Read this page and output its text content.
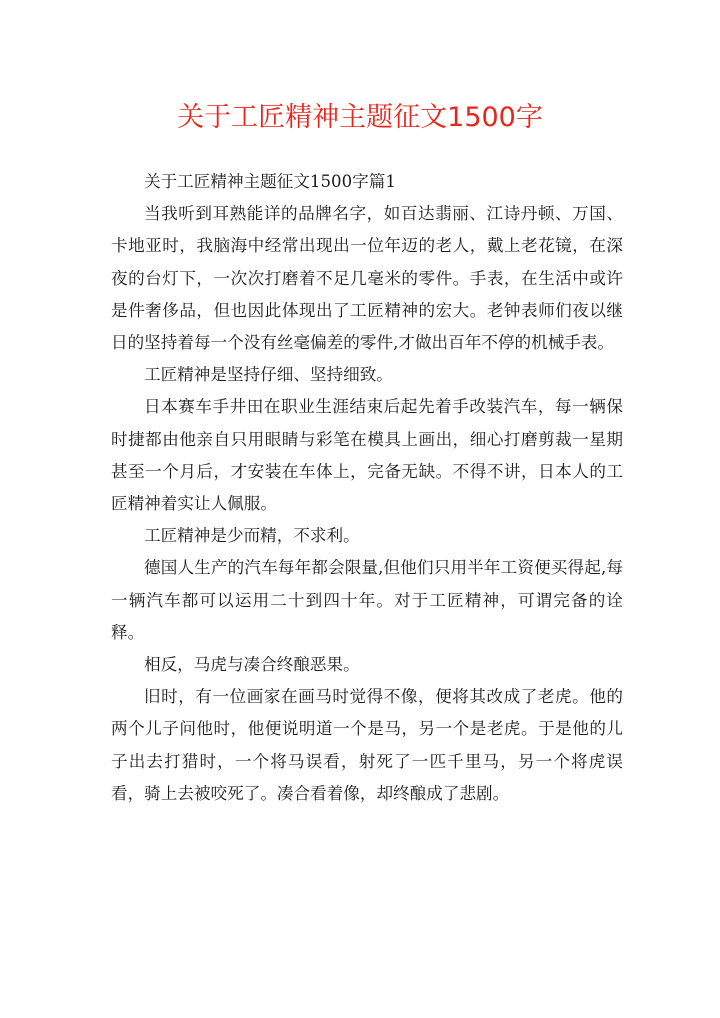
关于工匠精神主题征文1500字

关于工匠精神主题征文1500字篇1

当我听到耳熟能详的品牌名字，如百达翡丽、江诗丹顿、万国、卡地亚时，我脑海中经常出现出一位年迈的老人，戴上老花镜，在深夜的台灯下，一次次打磨着不足几毫米的零件。手表，在生活中或许是件奢侈品，但也因此体现出了工匠精神的宏大。老钟表师们夜以继日的坚持着每一个没有丝毫偏差的零件,才做出百年不停的机械手表。

工匠精神是坚持仔细、坚持细致。

日本赛车手井田在职业生涯结束后起先着手改装汽车，每一辆保时捷都由他亲自只用眼睛与彩笔在模具上画出，细心打磨剪裁一星期甚至一个月后，才安装在车体上，完备无缺。不得不讲，日本人的工匠精神着实让人佩服。

工匠精神是少而精，不求利。

德国人生产的汽车每年都会限量,但他们只用半年工资便买得起,每一辆汽车都可以运用二十到四十年。对于工匠精神，可谓完备的诠释。

相反，马虎与凑合终酿恶果。

旧时，有一位画家在画马时觉得不像，便将其改成了老虎。他的两个儿子问他时，他便说明道一个是马，另一个是老虎。于是他的儿子出去打猎时，一个将马误看，射死了一匹千里马，另一个将虎误看，骑上去被咬死了。凑合看着像，却终酿成了悲剧。
